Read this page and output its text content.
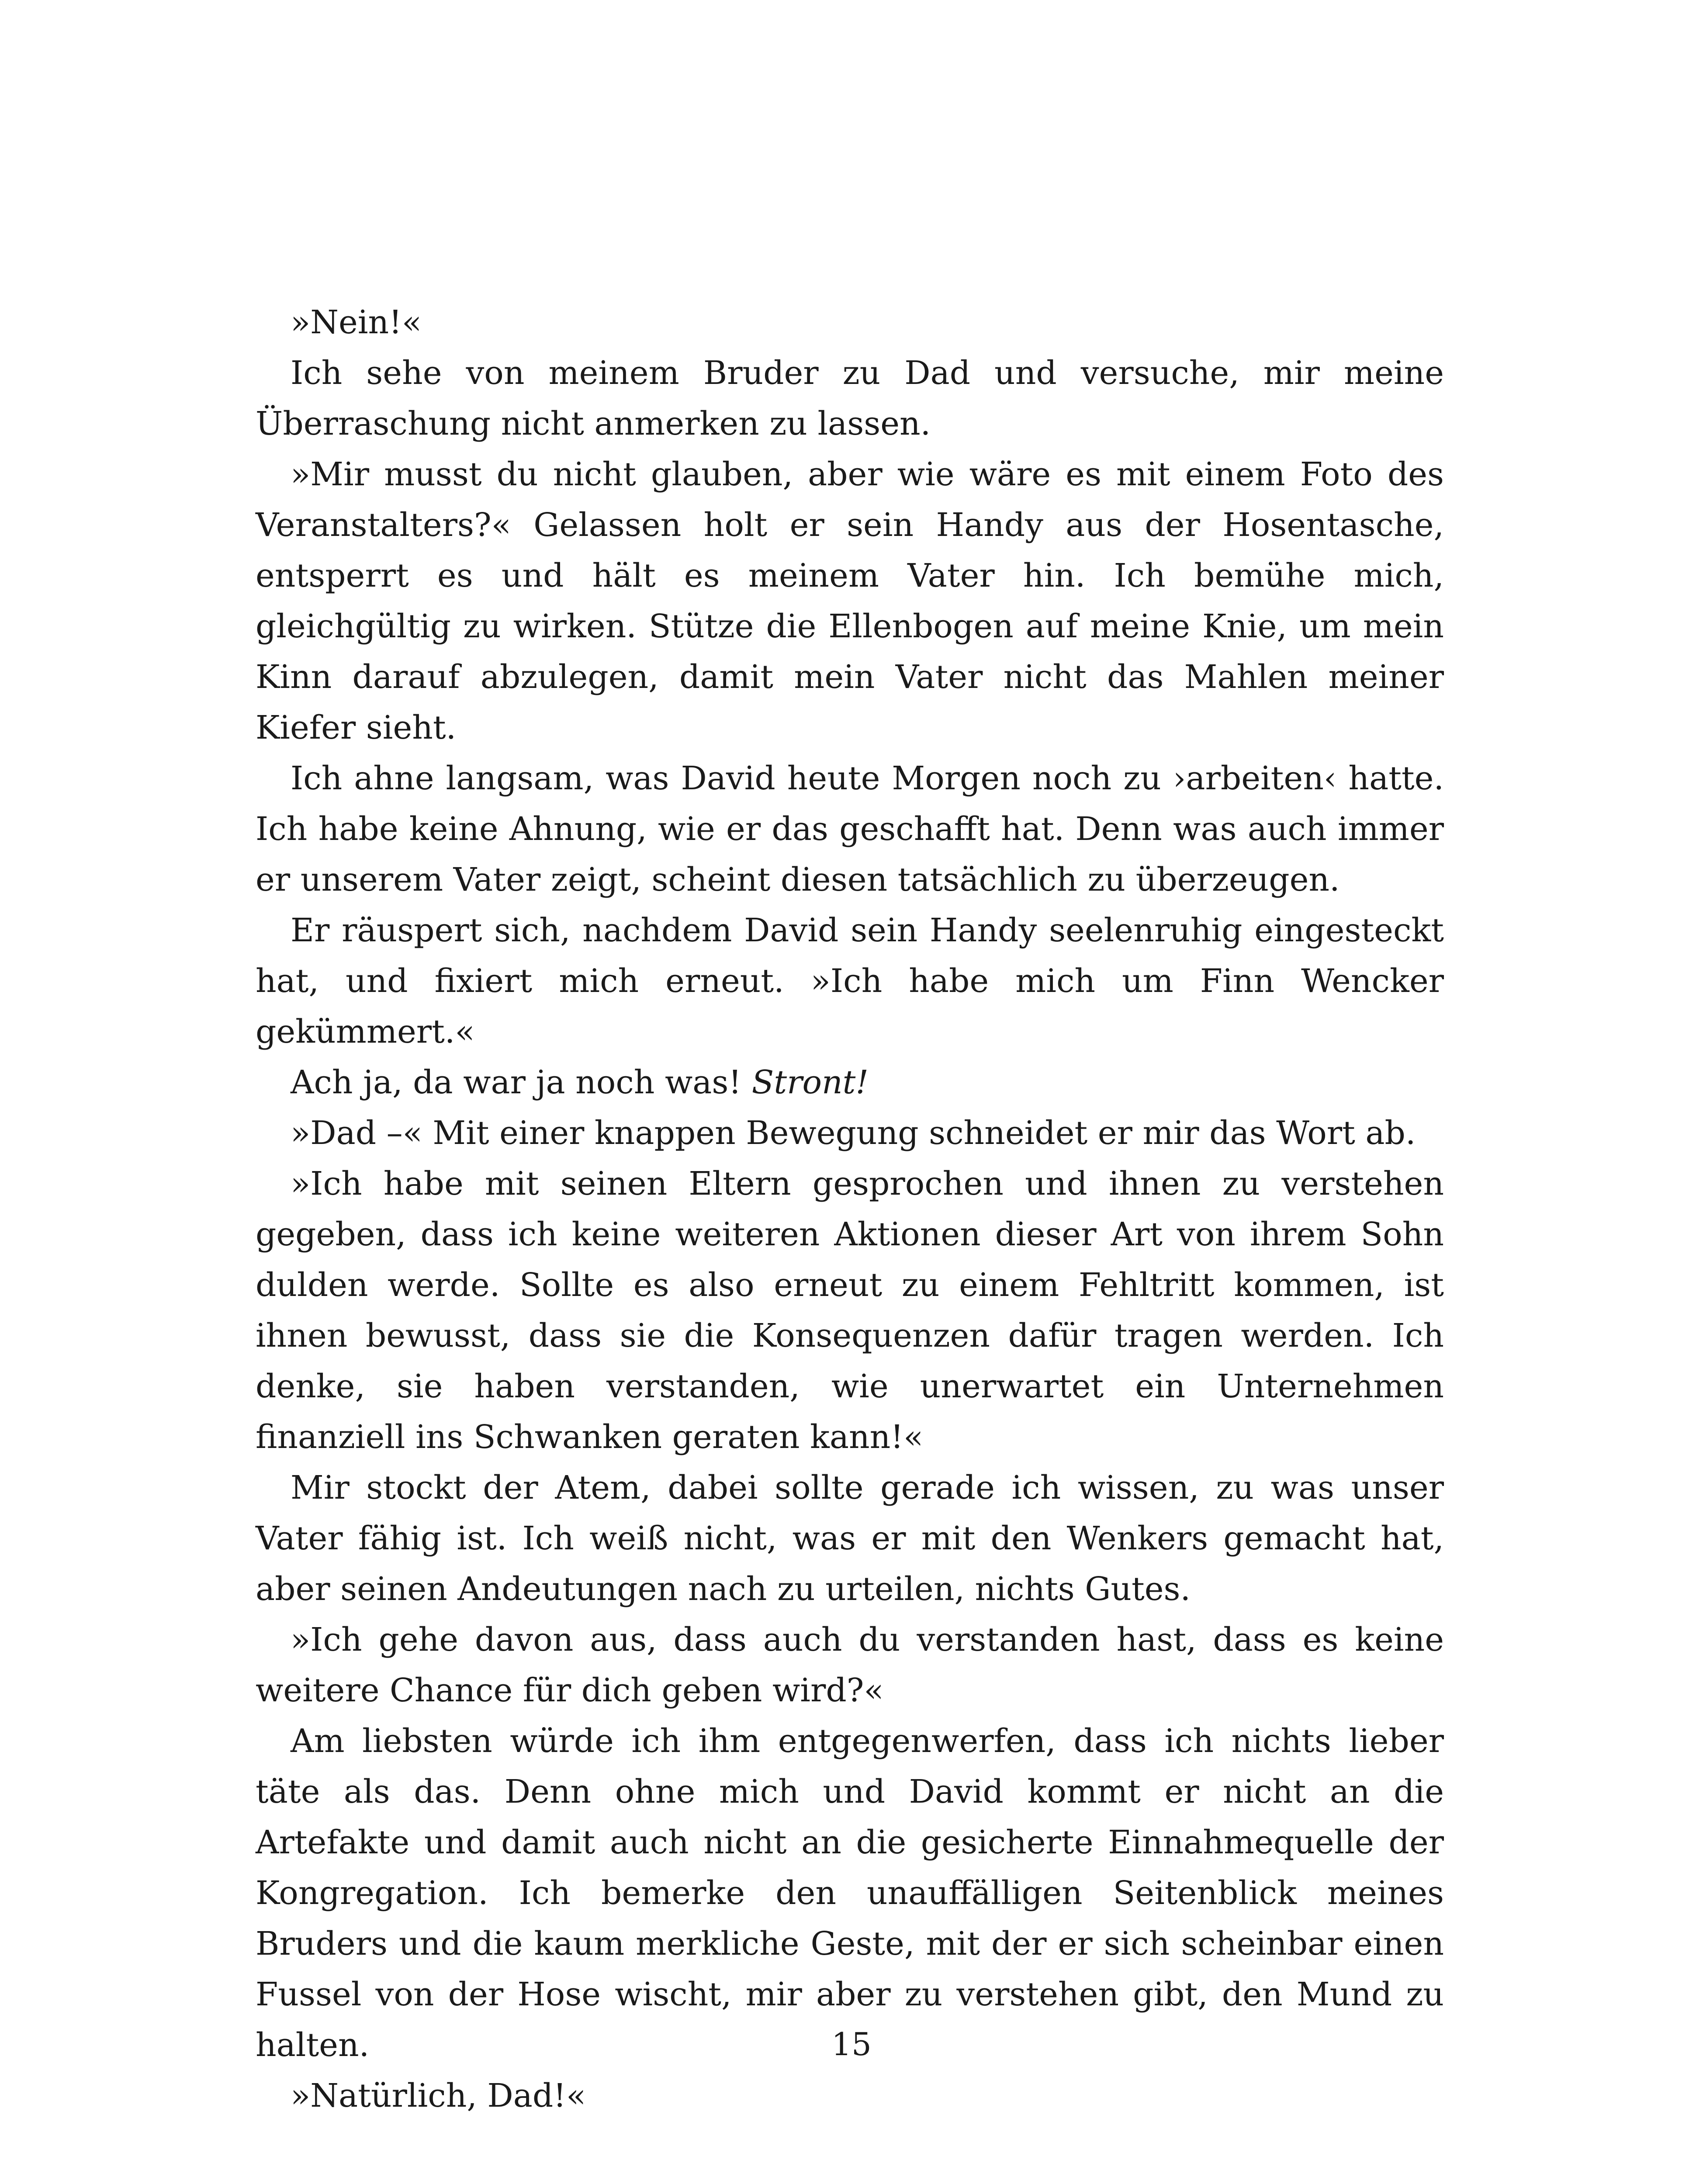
»Nein!«

Ich sehe von meinem Bruder zu Dad und versuche, mir meine Überraschung nicht anmerken zu lassen.

»Mir musst du nicht glauben, aber wie wäre es mit einem Foto des Veranstalters?« Gelassen holt er sein Handy aus der Hosentasche, entsperrt es und hält es meinem Vater hin. Ich bemühe mich, gleichgültig zu wirken. Stütze die Ellenbogen auf meine Knie, um mein Kinn darauf abzulegen, damit mein Vater nicht das Mahlen meiner Kiefer sieht.

Ich ahne langsam, was David heute Morgen noch zu ›arbeiten‹ hatte. Ich habe keine Ahnung, wie er das geschafft hat. Denn was auch immer er unserem Vater zeigt, scheint diesen tatsächlich zu überzeugen.

Er räuspert sich, nachdem David sein Handy seelenruhig eingesteckt hat, und fixiert mich erneut. »Ich habe mich um Finn Wencker gekümmert.«

Ach ja, da war ja noch was! Stront!

»Dad –« Mit einer knappen Bewegung schneidet er mir das Wort ab.

»Ich habe mit seinen Eltern gesprochen und ihnen zu verstehen gegeben, dass ich keine weiteren Aktionen dieser Art von ihrem Sohn dulden werde. Sollte es also erneut zu einem Fehltritt kommen, ist ihnen bewusst, dass sie die Konsequenzen dafür tragen werden. Ich denke, sie haben verstanden, wie unerwartet ein Unternehmen finanziell ins Schwanken geraten kann!«

Mir stockt der Atem, dabei sollte gerade ich wissen, zu was unser Vater fähig ist. Ich weiß nicht, was er mit den Wenkers gemacht hat, aber seinen Andeutungen nach zu urteilen, nichts Gutes.

»Ich gehe davon aus, dass auch du verstanden hast, dass es keine weitere Chance für dich geben wird?«

Am liebsten würde ich ihm entgegenwerfen, dass ich nichts lieber täte als das. Denn ohne mich und David kommt er nicht an die Artefakte und damit auch nicht an die gesicherte Einnahmequelle der Kongregation. Ich bemerke den unauffälligen Seitenblick meines Bruders und die kaum merkliche Geste, mit der er sich scheinbar einen Fussel von der Hose wischt, mir aber zu verstehen gibt, den Mund zu halten.

»Natürlich, Dad!«

15
